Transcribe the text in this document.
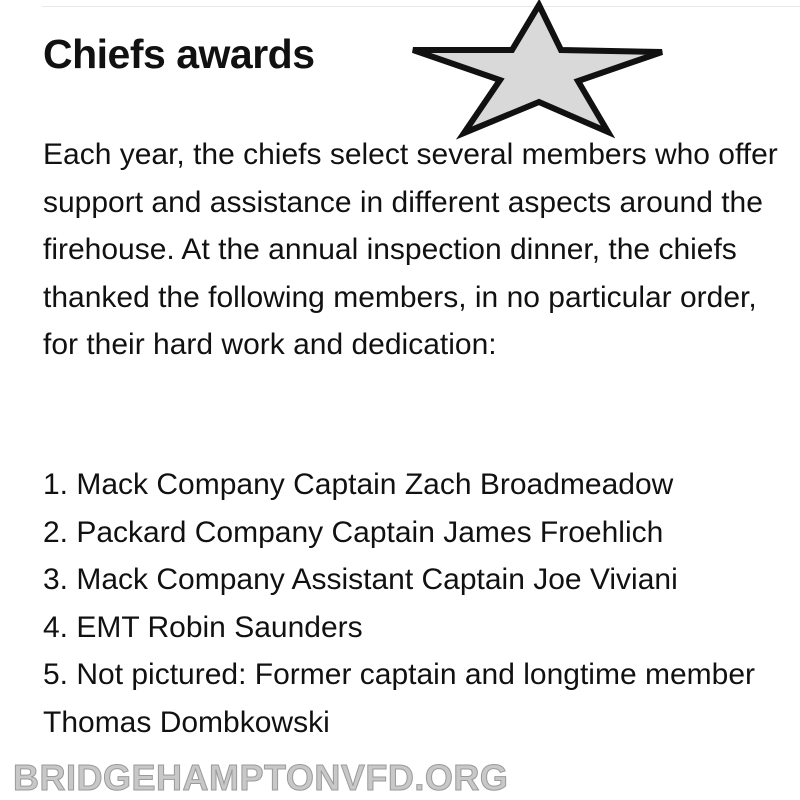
Chiefs awards

Each year, the chiefs select several members who offer support and assistance in different aspects around the firehouse. At the annual inspection dinner, the chiefs thanked the following members, in no particular order, for their hard work and dedication:

1. Mack Company Captain Zach Broadmeadow
2. Packard Company Captain James Froehlich
3. Mack Company Assistant Captain Joe Viviani
4. EMT Robin Saunders
5. Not pictured: Former captain and longtime member Thomas Dombkowski
BRIDGEHAMPTONVFD.ORG
